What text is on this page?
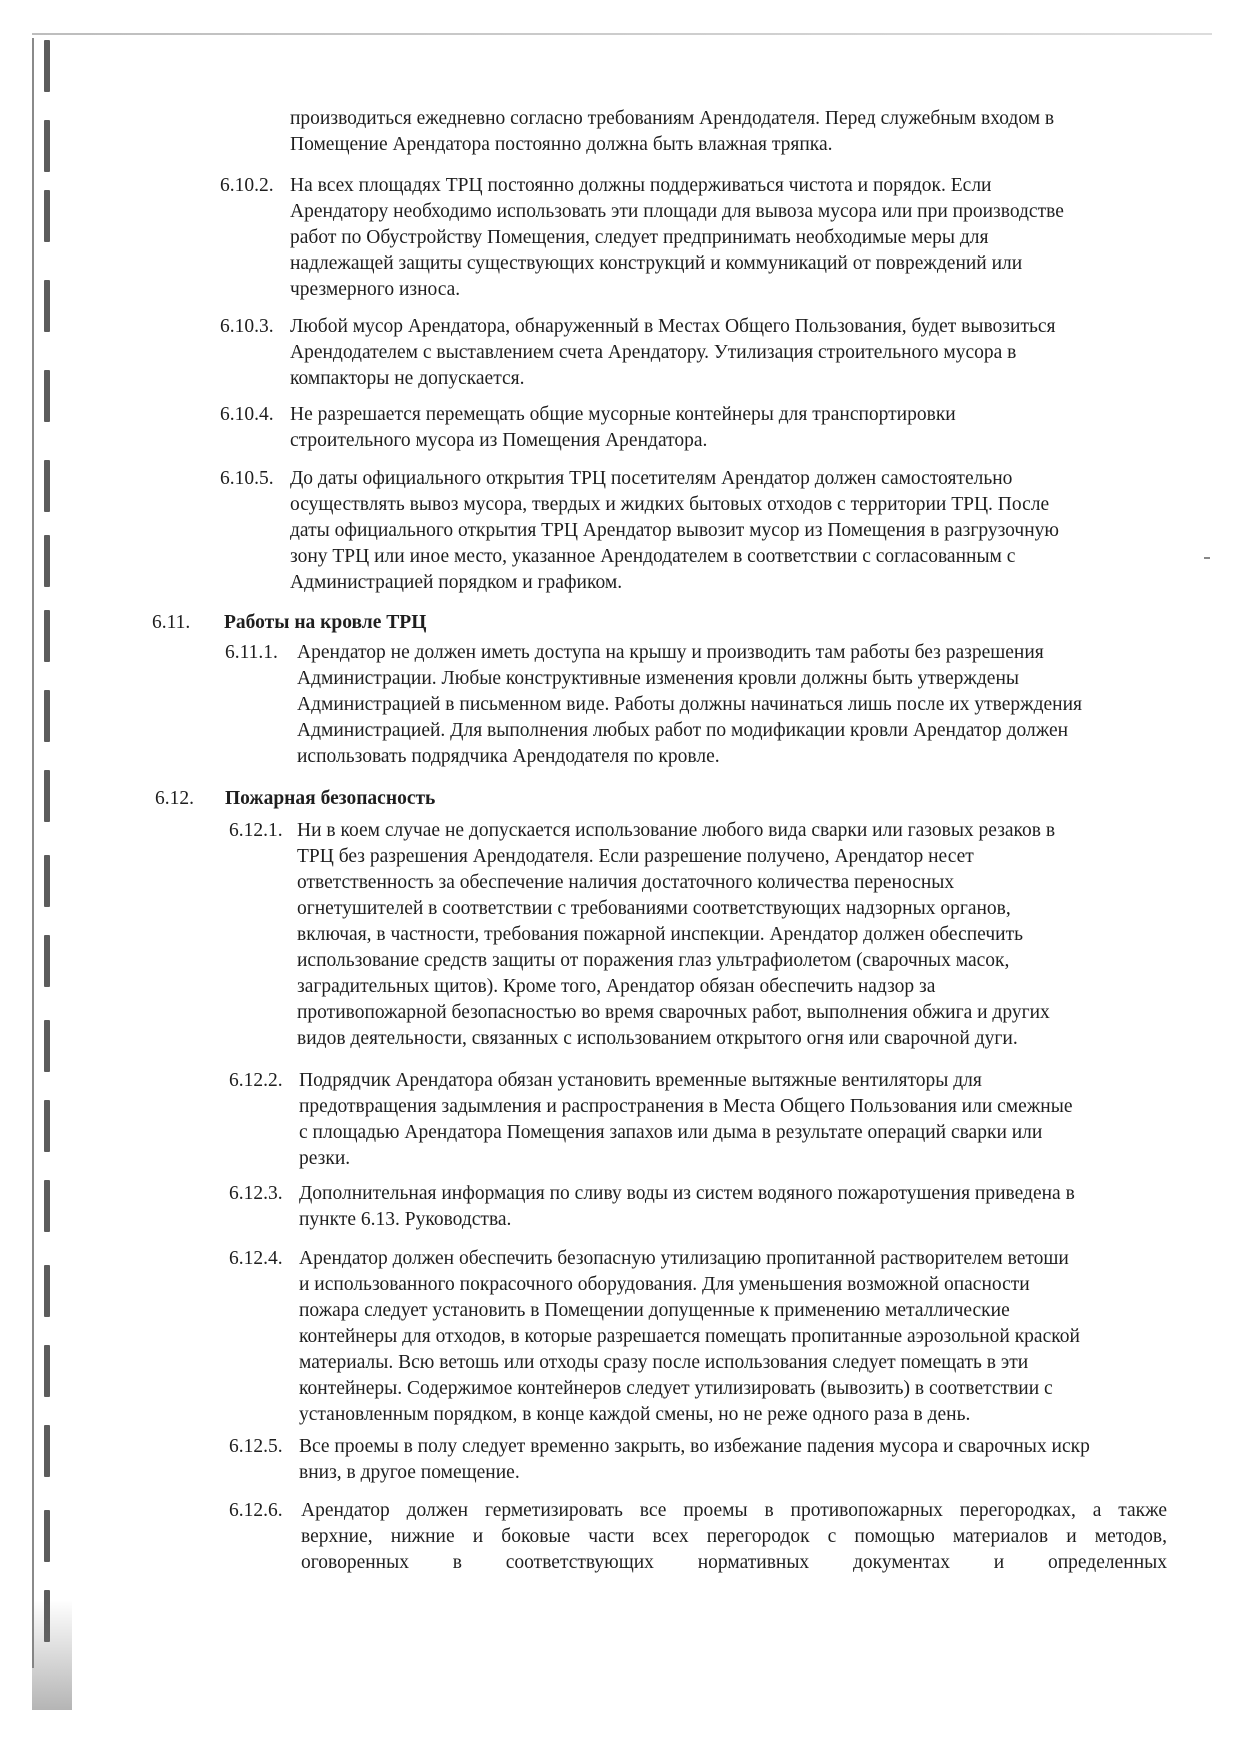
производиться ежедневно согласно требованиям Арендодателя. Перед служебным входом в
Помещение Арендатора постоянно должна быть влажная тряпка.
6.10.2. На всех площадях ТРЦ постоянно должны поддерживаться чистота и порядок. Если
Арендатору необходимо использовать эти площади для вывоза мусора или при производстве
работ по Обустройству Помещения, следует предпринимать необходимые меры для
надлежащей защиты существующих конструкций и коммуникаций от повреждений или
чрезмерного износа.
6.10.3. Любой мусор Арендатора, обнаруженный в Местах Общего Пользования, будет вывозиться
Арендодателем с выставлением счета Арендатору. Утилизация строительного мусора в
компакторы не допускается.
6.10.4. Не разрешается перемещать общие мусорные контейнеры для транспортировки
строительного мусора из Помещения Арендатора.
6.10.5. До даты официального открытия ТРЦ посетителям Арендатор должен самостоятельно
осуществлять вывоз мусора, твердых и жидких бытовых отходов с территории ТРЦ. После
даты официального открытия ТРЦ Арендатор вывозит мусор из Помещения в разгрузочную
зону ТРЦ или иное место, указанное Арендодателем в соответствии с согласованным с
Администрацией порядком и графиком.
6.11. Работы на кровле ТРЦ
6.11.1. Арендатор не должен иметь доступа на крышу и производить там работы без разрешения
Администрации. Любые конструктивные изменения кровли должны быть утверждены
Администрацией в письменном виде. Работы должны начинаться лишь после их утверждения
Администрацией. Для выполнения любых работ по модификации кровли Арендатор должен
использовать подрядчика Арендодателя по кровле.
6.12. Пожарная безопасность
6.12.1. Ни в коем случае не допускается использование любого вида сварки или газовых резаков в
ТРЦ без разрешения Арендодателя. Если разрешение получено, Арендатор несет
ответственность за обеспечение наличия достаточного количества переносных
огнетушителей в соответствии с требованиями соответствующих надзорных органов,
включая, в частности, требования пожарной инспекции. Арендатор должен обеспечить
использование средств защиты от поражения глаз ультрафиолетом (сварочных масок,
заградительных щитов). Кроме того, Арендатор обязан обеспечить надзор за
противопожарной безопасностью во время сварочных работ, выполнения обжига и других
видов деятельности, связанных с использованием открытого огня или сварочной дуги.
6.12.2. Подрядчик Арендатора обязан установить временные вытяжные вентиляторы для
предотвращения задымления и распространения в Места Общего Пользования или смежные
с площадью Арендатора Помещения запахов или дыма в результате операций сварки или
резки.
6.12.3. Дополнительная информация по сливу воды из систем водяного пожаротушения приведена в
пункте 6.13. Руководства.
6.12.4. Арендатор должен обеспечить безопасную утилизацию пропитанной растворителем ветоши
и использованного покрасочного оборудования. Для уменьшения возможной опасности
пожара следует установить в Помещении допущенные к применению металлические
контейнеры для отходов, в которые разрешается помещать пропитанные аэрозольной краской
материалы. Всю ветошь или отходы сразу после использования следует помещать в эти
контейнеры. Содержимое контейнеров следует утилизировать (вывозить) в соответствии с
установленным порядком, в конце каждой смены, но не реже одного раза в день.
6.12.5. Все проемы в полу следует временно закрыть, во избежание падения мусора и сварочных искр
вниз, в другое помещение.
6.12.6. Арендатор должен герметизировать все проемы в противопожарных перегородках, а также
верхние, нижние и боковые части всех перегородок с помощью материалов и методов,
оговоренных в соответствующих нормативных документах и определенных
